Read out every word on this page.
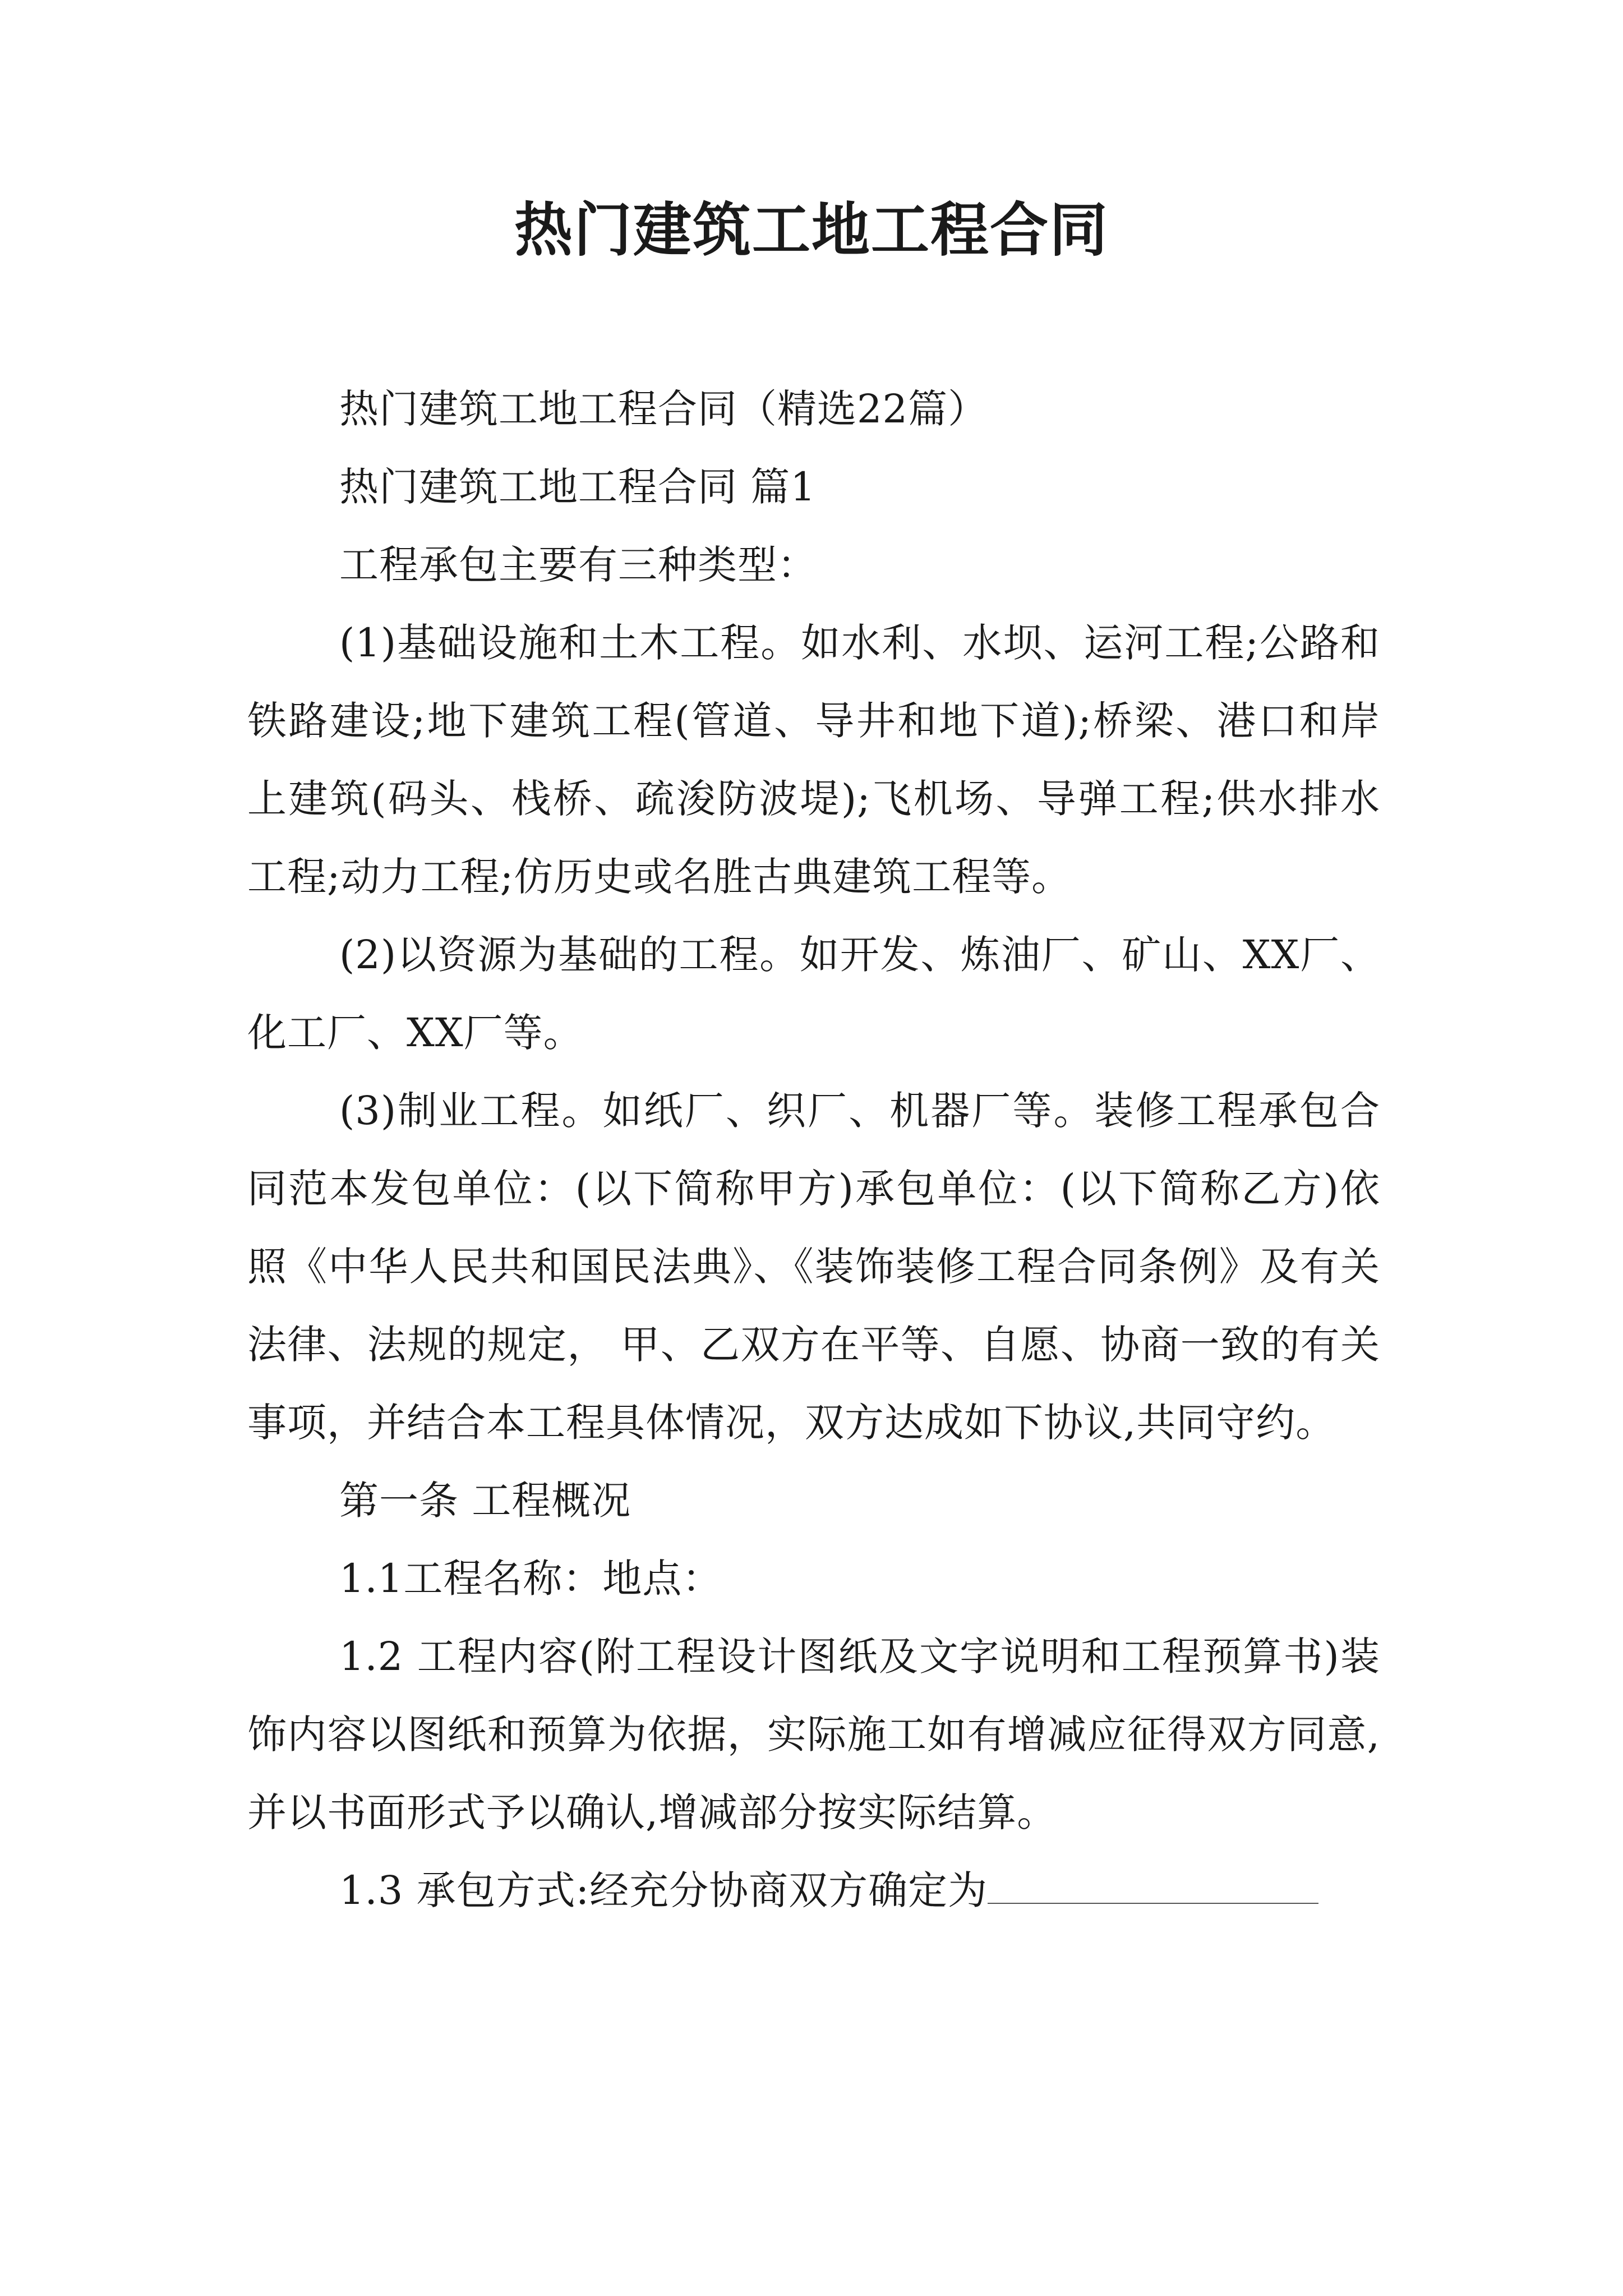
热门建筑工地工程合同

热门建筑工地工程合同（精选22篇）

热门建筑工地工程合同 篇1

工程承包主要有三种类型：

(1)基础设施和土木工程。如水利、水坝、运河工程;公路和铁路建设;地下建筑工程(管道、导井和地下道);桥梁、港口和岸上建筑(码头、栈桥、疏浚防波堤);飞机场、导弹工程;供水排水工程;动力工程;仿历史或名胜古典建筑工程等。

(2)以资源为基础的工程。如开发、炼油厂、矿山、XX厂、化工厂、XX厂等。

(3)制业工程。如纸厂、织厂、机器厂等。装修工程承包合同范本发包单位：(以下简称甲方)承包单位：(以下简称乙方)依照《中华人民共和国民法典》、《装饰装修工程合同条例》及有关法律、法规的规定， 甲、乙双方在平等、自愿、协商一致的有关事项，并结合本工程具体情况，双方达成如下协议,共同守约。

第一条 工程概况

1.1工程名称：地点：

1.2 工程内容(附工程设计图纸及文字说明和工程预算书)装饰内容以图纸和预算为依据，实际施工如有增减应征得双方同意,并以书面形式予以确认,增减部分按实际结算。

1.3 承包方式:经充分协商双方确定为
